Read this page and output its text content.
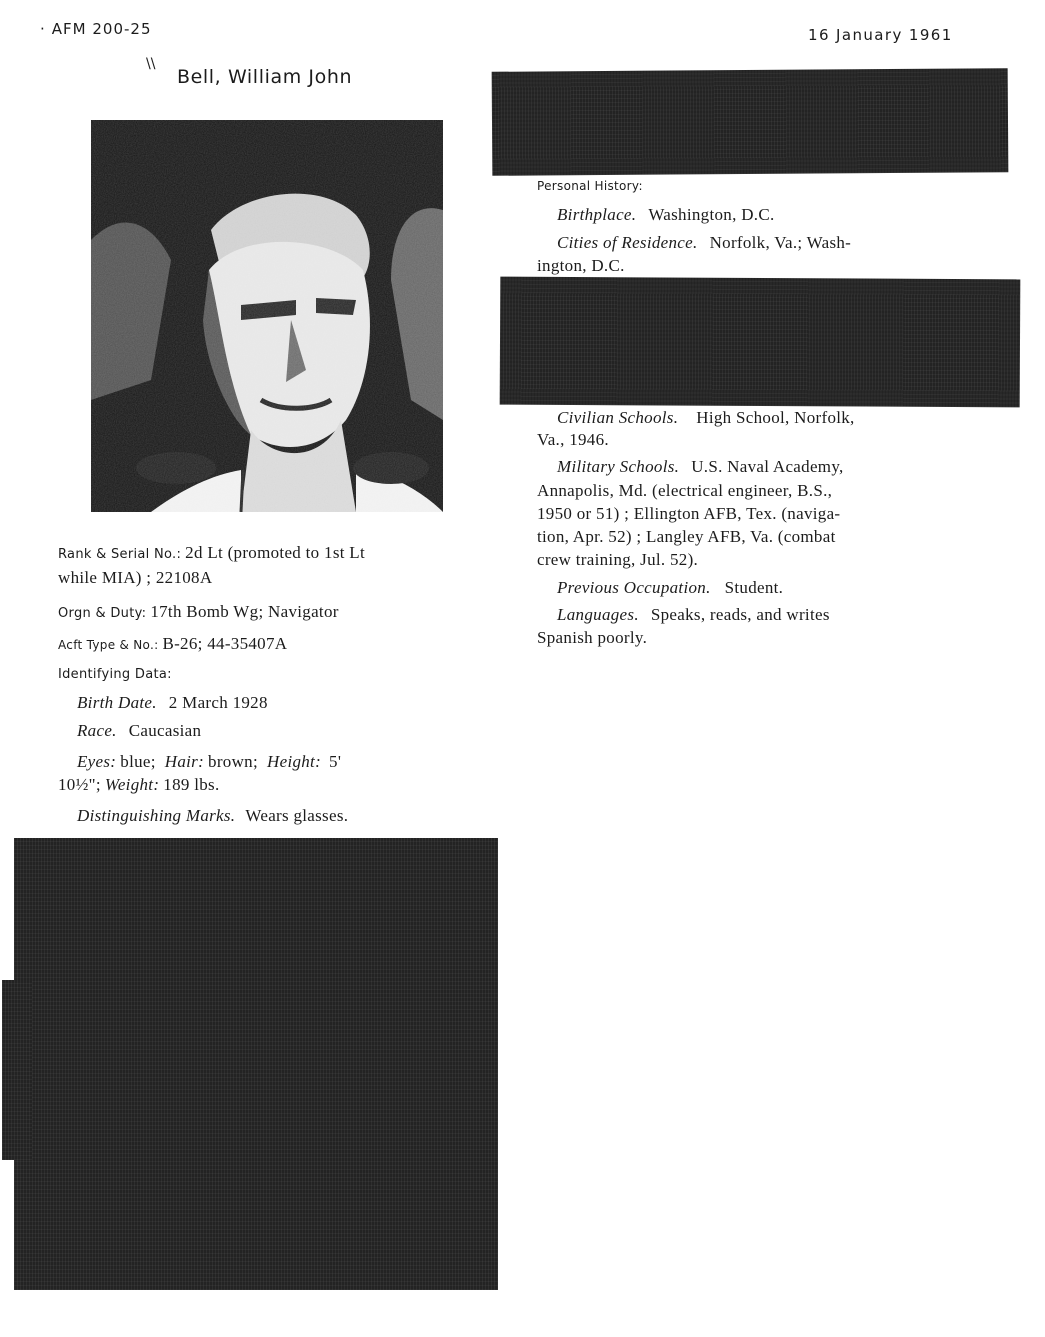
· AFM 200-25	16 January 1961
\\
Bell, William John
Rank & Serial No.: 2d Lt (promoted to 1st Lt
while MIA) ; 22108A
Orgn & Duty: 17th Bomb Wg; Navigator
Acft Type & No.: B-26; 44-35407A
Identifying Data:
Birth Date. 2 March 1928
Race. Caucasian
Eyes: blue; Hair: brown; Height: 5'
10½"; Weight: 189 lbs.
Distinguishing Marks. Wears glasses.
Personal History:
Birthplace. Washington, D.C.
Cities of Residence. Norfolk, Va.; Wash-
ington, D.C.
Civilian Schools. High School, Norfolk,
Va., 1946.
Military Schools. U.S. Naval Academy,
Annapolis, Md. (electrical engineer, B.S.,
1950 or 51) ; Ellington AFB, Tex. (naviga-
tion, Apr. 52) ; Langley AFB, Va. (combat
crew training, Jul. 52).
Previous Occupation. Student.
Languages. Speaks, reads, and writes
Spanish poorly.
